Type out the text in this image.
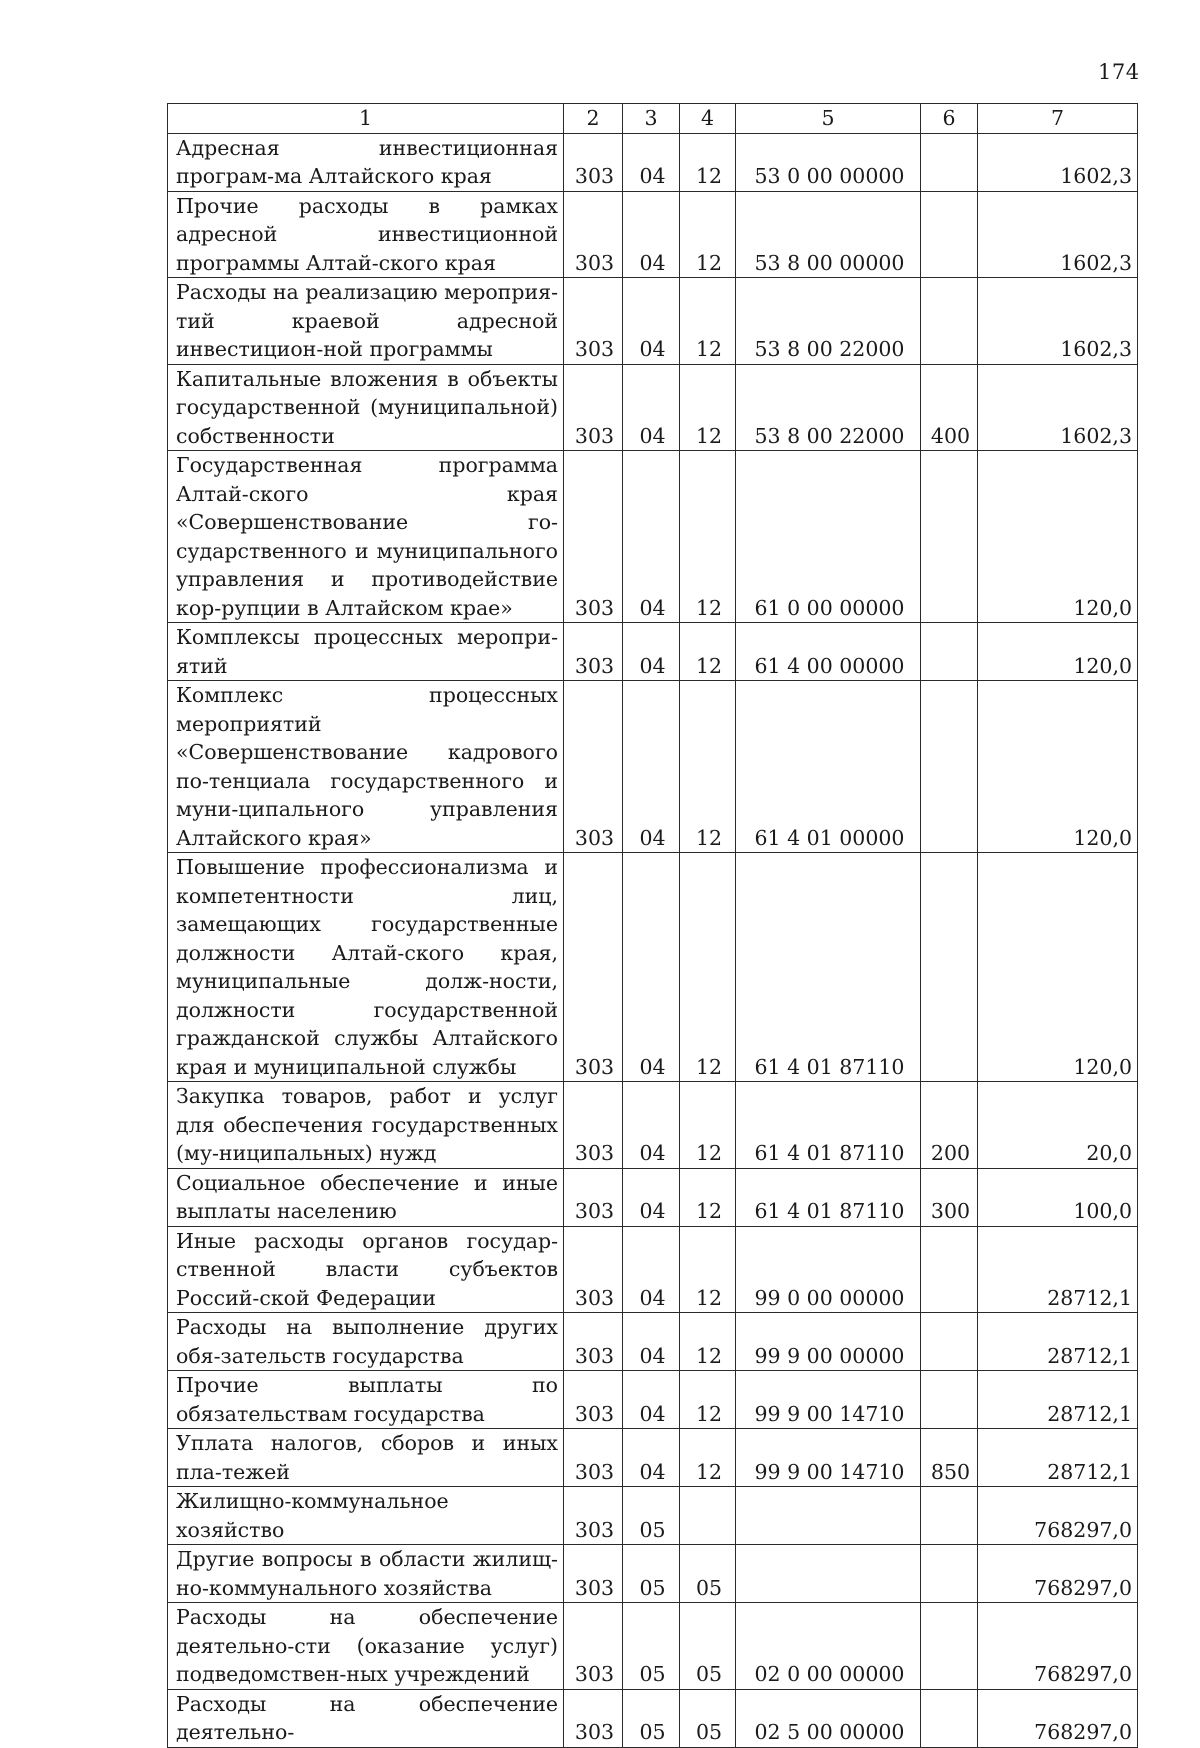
174
1	2	3	4	5	6	7
Адресная инвестиционная програм-ма Алтайского края	303	04	12	53 0 00 00000		1602,3
Прочие расходы в рамках адресной инвестиционной программы Алтай-ского края	303	04	12	53 8 00 00000		1602,3
Расходы на реализацию мероприя-тий краевой адресной инвестицион-ной программы	303	04	12	53 8 00 22000		1602,3
Капитальные вложения в объекты государственной (муниципальной) собственности	303	04	12	53 8 00 22000	400	1602,3
Государственная программа Алтай-ского края «Совершенствование го-сударственного и муниципального управления и противодействие кор-рупции в Алтайском крае»	303	04	12	61 0 00 00000		120,0
Комплексы процессных меропри-ятий	303	04	12	61 4 00 00000		120,0
Комплекс процессных мероприятий «Совершенствование кадрового по-тенциала государственного и муни-ципального управления Алтайского края»	303	04	12	61 4 01 00000		120,0
Повышение профессионализма и компетентности лиц, замещающих государственные должности Алтай-ского края, муниципальные долж-ности, должности государственной гражданской службы Алтайского края и муниципальной службы	303	04	12	61 4 01 87110		120,0
Закупка товаров, работ и услуг для обеспечения государственных (му-ниципальных) нужд	303	04	12	61 4 01 87110	200	20,0
Социальное обеспечение и иные выплаты населению	303	04	12	61 4 01 87110	300	100,0
Иные расходы органов государ-ственной власти субъектов Россий-ской Федерации	303	04	12	99 0 00 00000		28712,1
Расходы на выполнение других обя-зательств государства	303	04	12	99 9 00 00000		28712,1
Прочие выплаты по обязательствам государства	303	04	12	99 9 00 14710		28712,1
Уплата налогов, сборов и иных пла-тежей	303	04	12	99 9 00 14710	850	28712,1
Жилищно-коммунальное хозяйство	303	05				768297,0
Другие вопросы в области жилищ-но-коммунального хозяйства	303	05	05			768297,0
Расходы на обеспечение деятельно-сти (оказание услуг) подведомствен-ных учреждений	303	05	05	02 0 00 00000		768297,0
Расходы на обеспечение деятельно-	303	05	05	02 5 00 00000		768297,0
